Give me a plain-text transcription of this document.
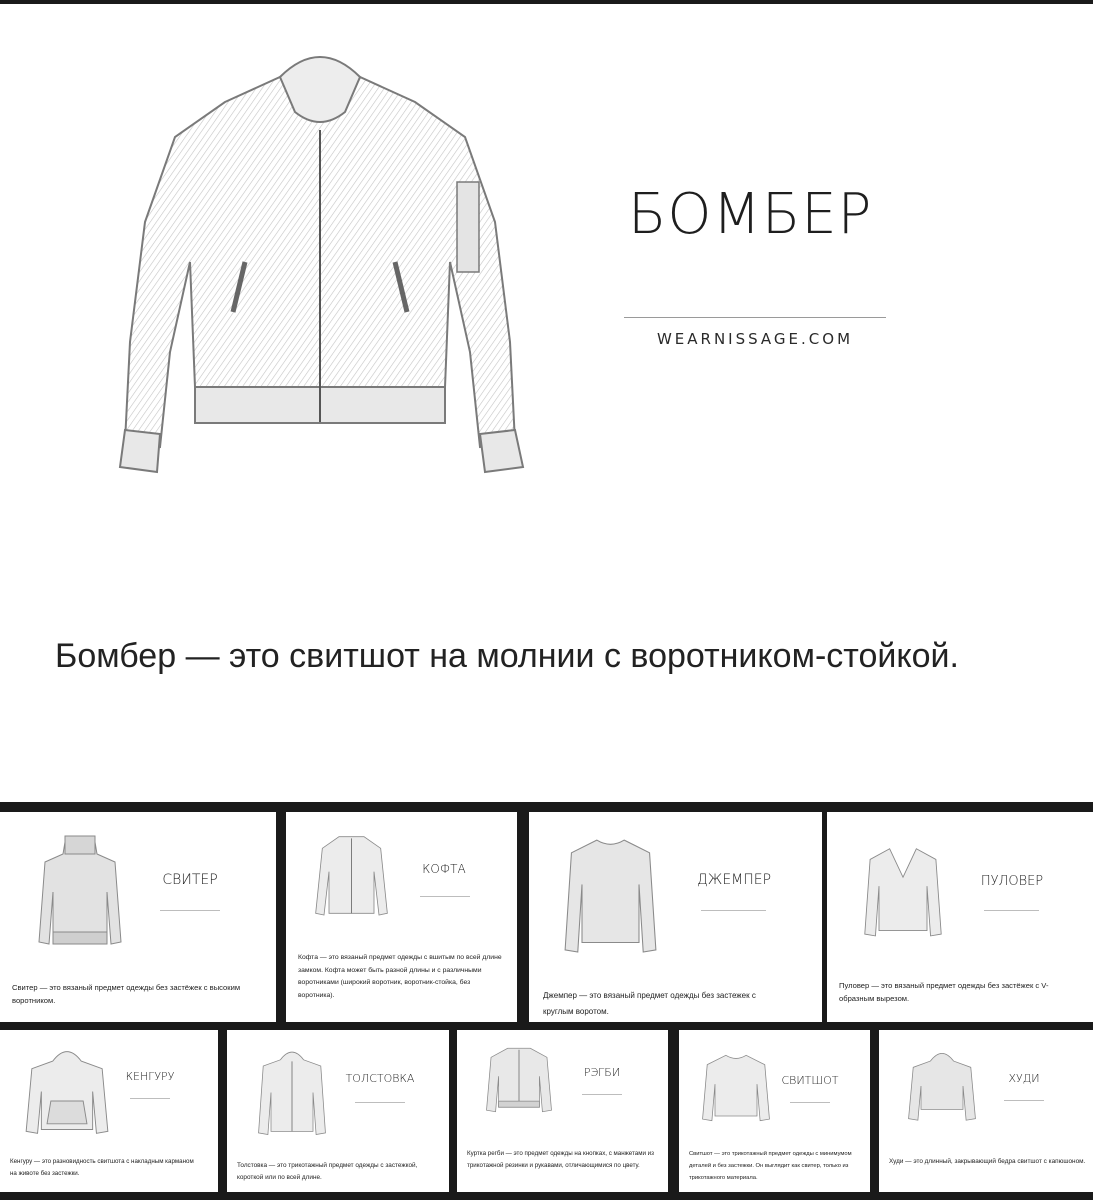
БОМБЕР
WEARNISSAGE.COM
Бомбер — это свитшот на молнии с воротником-стойкой.
СВИТЕР
Свитер — это вязаный предмет одежды без застёжек с высоким воротником.
КОФТА
Кофта — это вязаный предмет одежды с вшитым по всей длине замком. Кофта может быть разной длины и с различными воротниками (широкий воротник, воротник-стойка, без воротника).
ДЖЕМПЕР
Джемпер — это вязаный предмет одежды без застежек с круглым воротом.
ПУЛОВЕР
Пуловер — это вязаный предмет одежды без застёжек с V-образным вырезом.
КЕНГУРУ
Кенгуру — это разновидность свитшота с накладным карманом на животе без застежки.
ТОЛСТОВКА
Толстовка — это трикотажный предмет одежды с застежкой, короткой или по всей длине.
РЭГБИ
Куртка регби — это предмет одежды на кнопках, с манжетами из трикотажной резинки и рукавами, отличающимися по цвету.
СВИТШОТ
Свитшот — это трикотажный предмет одежды с минимумом деталей и без застежки. Он выглядит как свитер, только из трикотажного материала.
ХУДИ
Худи — это длинный, закрывающий бедра свитшот с капюшоном.
